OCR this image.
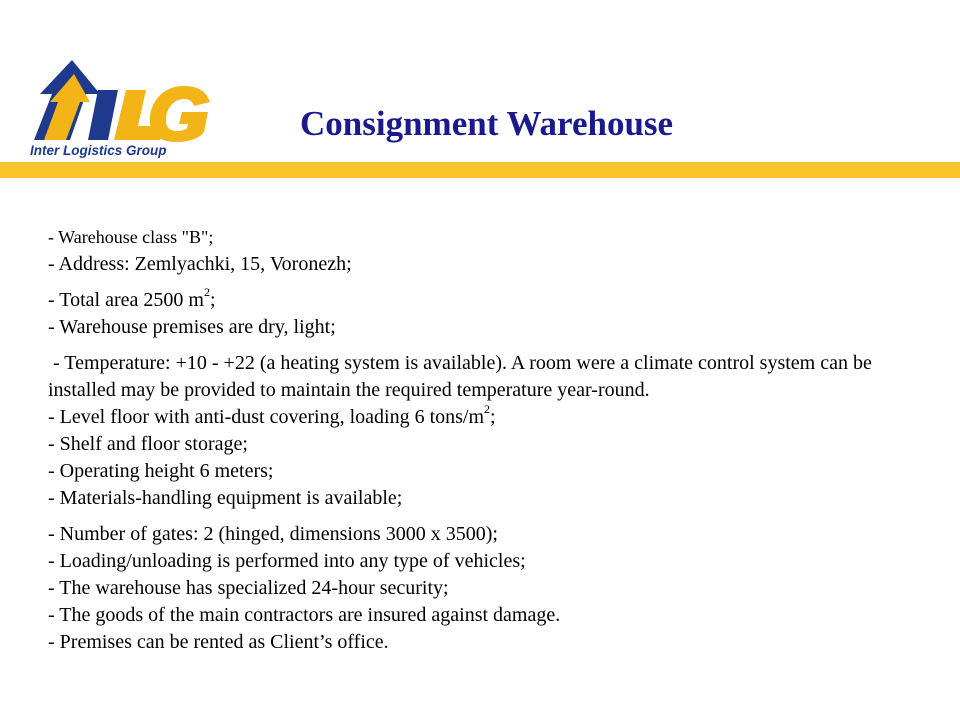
Inter Logistics Group
Consignment Warehouse
- Warehouse class "B";
- Address: Zemlyachki, 15, Voronezh;
- Total area 2500 $m^2$;
- Warehouse premises are dry, light;
- Temperature: +10 - +22 (a heating system is available). A room were a climate control system can be installed may be provided to maintain the required temperature year-round.
- Level floor with anti-dust covering, loading 6 tons/$m^2$;
- Shelf and floor storage;
- Operating height 6 meters;
- Materials-handling equipment is available;
- Number of gates: 2 (hinged, dimensions 3000 x 3500);
- Loading/unloading is performed into any type of vehicles;
- The warehouse has specialized 24-hour security;
- The goods of the main contractors are insured against damage.
- Premises can be rented as Client’s office.
